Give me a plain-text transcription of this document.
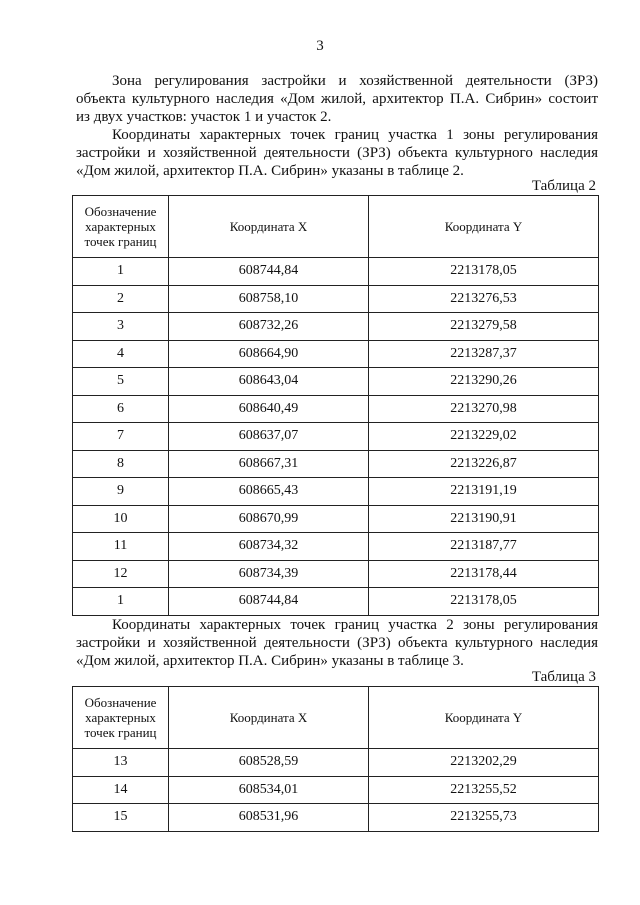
3

Зона регулирования застройки и хозяйственной деятельности (ЗРЗ)
объекта культурного наследия «Дом жилой, архитектор П.А. Сибрин» состоит
из двух участков: участок 1 и участок 2.

Координаты характерных точек границ участка 1 зоны регулирования
застройки и хозяйственной деятельности (ЗРЗ) объекта культурного наследия
«Дом жилой, архитектор П.А. Сибрин» указаны в таблице 2.

Таблица 2
Обозначение характерных точек границ	Координата X	Координата Y
1	608744,84	2213178,05
2	608758,10	2213276,53
3	608732,26	2213279,58
4	608664,90	2213287,37
5	608643,04	2213290,26
6	608640,49	2213270,98
7	608637,07	2213229,02
8	608667,31	2213226,87
9	608665,43	2213191,19
10	608670,99	2213190,91
11	608734,32	2213187,77
12	608734,39	2213178,44
1	608744,84	2213178,05

Координаты характерных точек границ участка 2 зоны регулирования
застройки и хозяйственной деятельности (ЗРЗ) объекта культурного наследия
«Дом жилой, архитектор П.А. Сибрин» указаны в таблице 3.

Таблица 3
Обозначение характерных точек границ	Координата X	Координата Y
13	608528,59	2213202,29
14	608534,01	2213255,52
15	608531,96	2213255,73
